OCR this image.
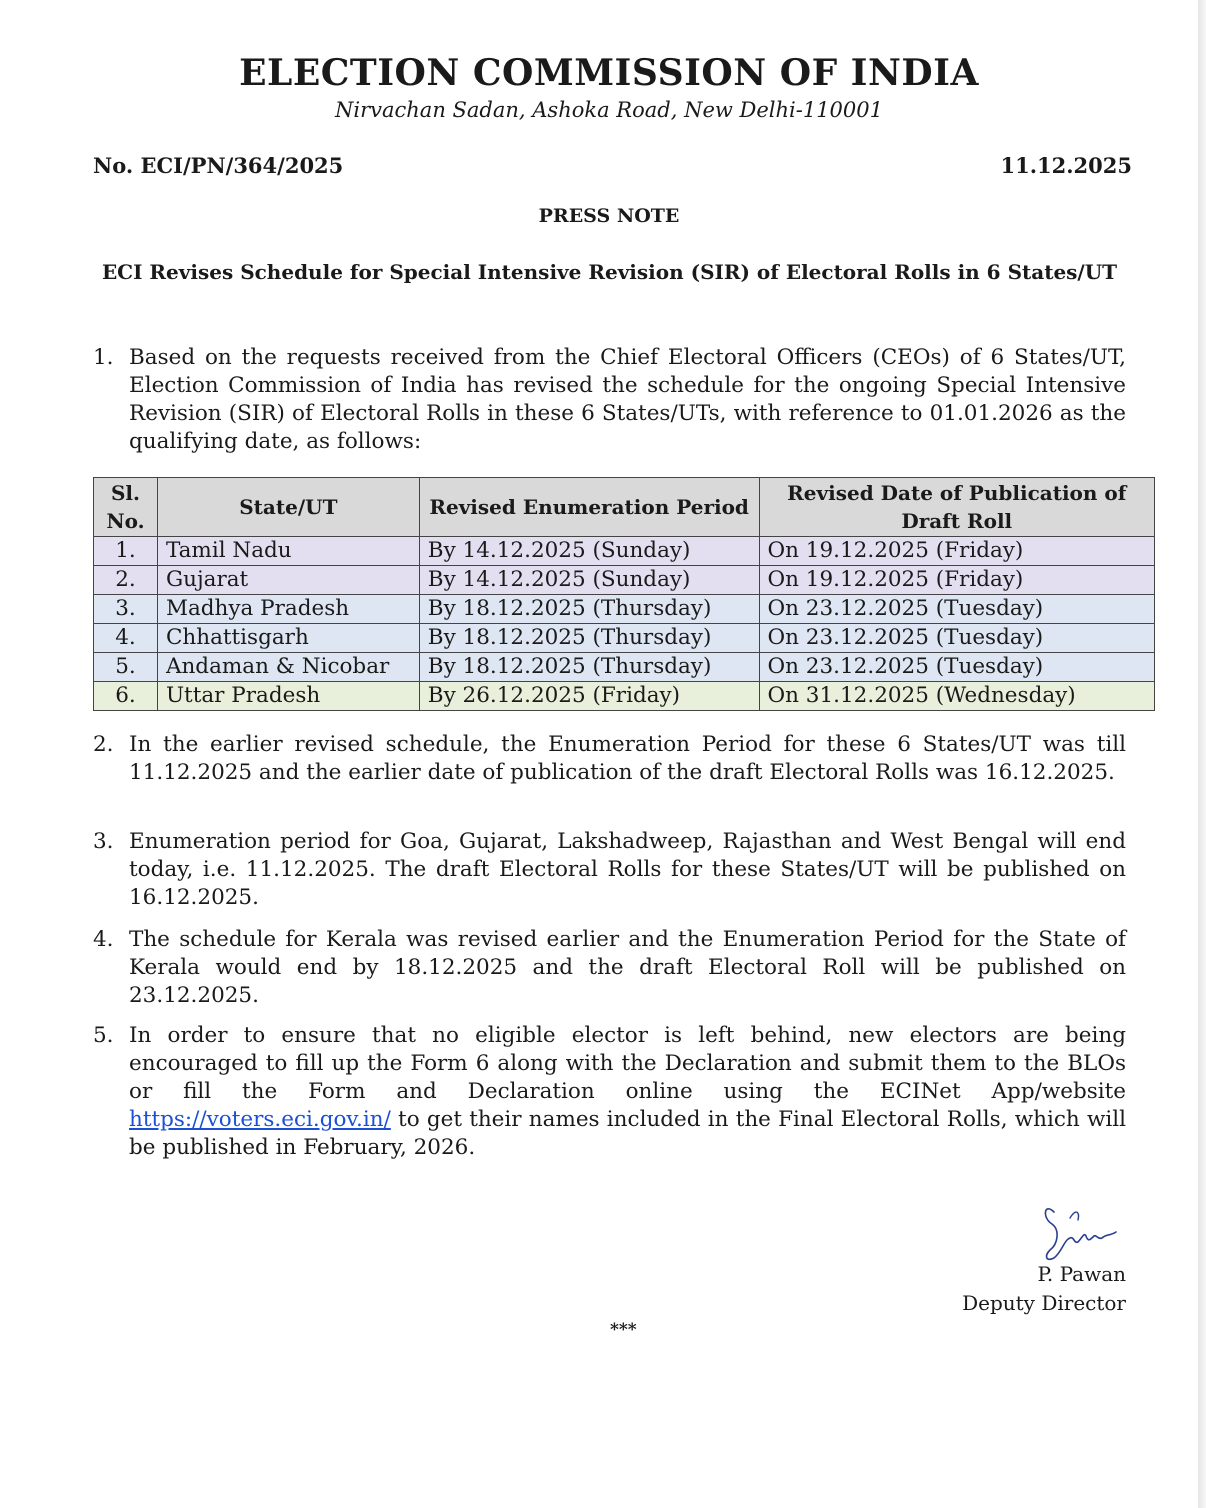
ELECTION COMMISSION OF INDIA
Nirvachan Sadan, Ashoka Road, New Delhi-110001
No. ECI/PN/364/2025	11.12.2025
PRESS NOTE
ECI Revises Schedule for Special Intensive Revision (SIR) of Electoral Rolls in 6 States/UT
1. Based on the requests received from the Chief Electoral Officers (CEOs) of 6 States/UT, Election Commission of India has revised the schedule for the ongoing Special Intensive Revision (SIR) of Electoral Rolls in these 6 States/UTs, with reference to 01.01.2026 as the qualifying date, as follows:
Sl. No.	State/UT	Revised Enumeration Period	Revised Date of Publication of Draft Roll
1.	Tamil Nadu	By 14.12.2025 (Sunday)	On 19.12.2025 (Friday)
2.	Gujarat	By 14.12.2025 (Sunday)	On 19.12.2025 (Friday)
3.	Madhya Pradesh	By 18.12.2025 (Thursday)	On 23.12.2025 (Tuesday)
4.	Chhattisgarh	By 18.12.2025 (Thursday)	On 23.12.2025 (Tuesday)
5.	Andaman & Nicobar	By 18.12.2025 (Thursday)	On 23.12.2025 (Tuesday)
6.	Uttar Pradesh	By 26.12.2025 (Friday)	On 31.12.2025 (Wednesday)
2. In the earlier revised schedule, the Enumeration Period for these 6 States/UT was till 11.12.2025 and the earlier date of publication of the draft Electoral Rolls was 16.12.2025.
3. Enumeration period for Goa, Gujarat, Lakshadweep, Rajasthan and West Bengal will end today, i.e. 11.12.2025. The draft Electoral Rolls for these States/UT will be published on 16.12.2025.
4. The schedule for Kerala was revised earlier and the Enumeration Period for the State of Kerala would end by 18.12.2025 and the draft Electoral Roll will be published on 23.12.2025.
5. In order to ensure that no eligible elector is left behind, new electors are being encouraged to fill up the Form 6 along with the Declaration and submit them to the BLOs or fill the Form and Declaration online using the ECINet App/website https://voters.eci.gov.in/ to get their names included in the Final Electoral Rolls, which will be published in February, 2026.
P. Pawan
Deputy Director
***
